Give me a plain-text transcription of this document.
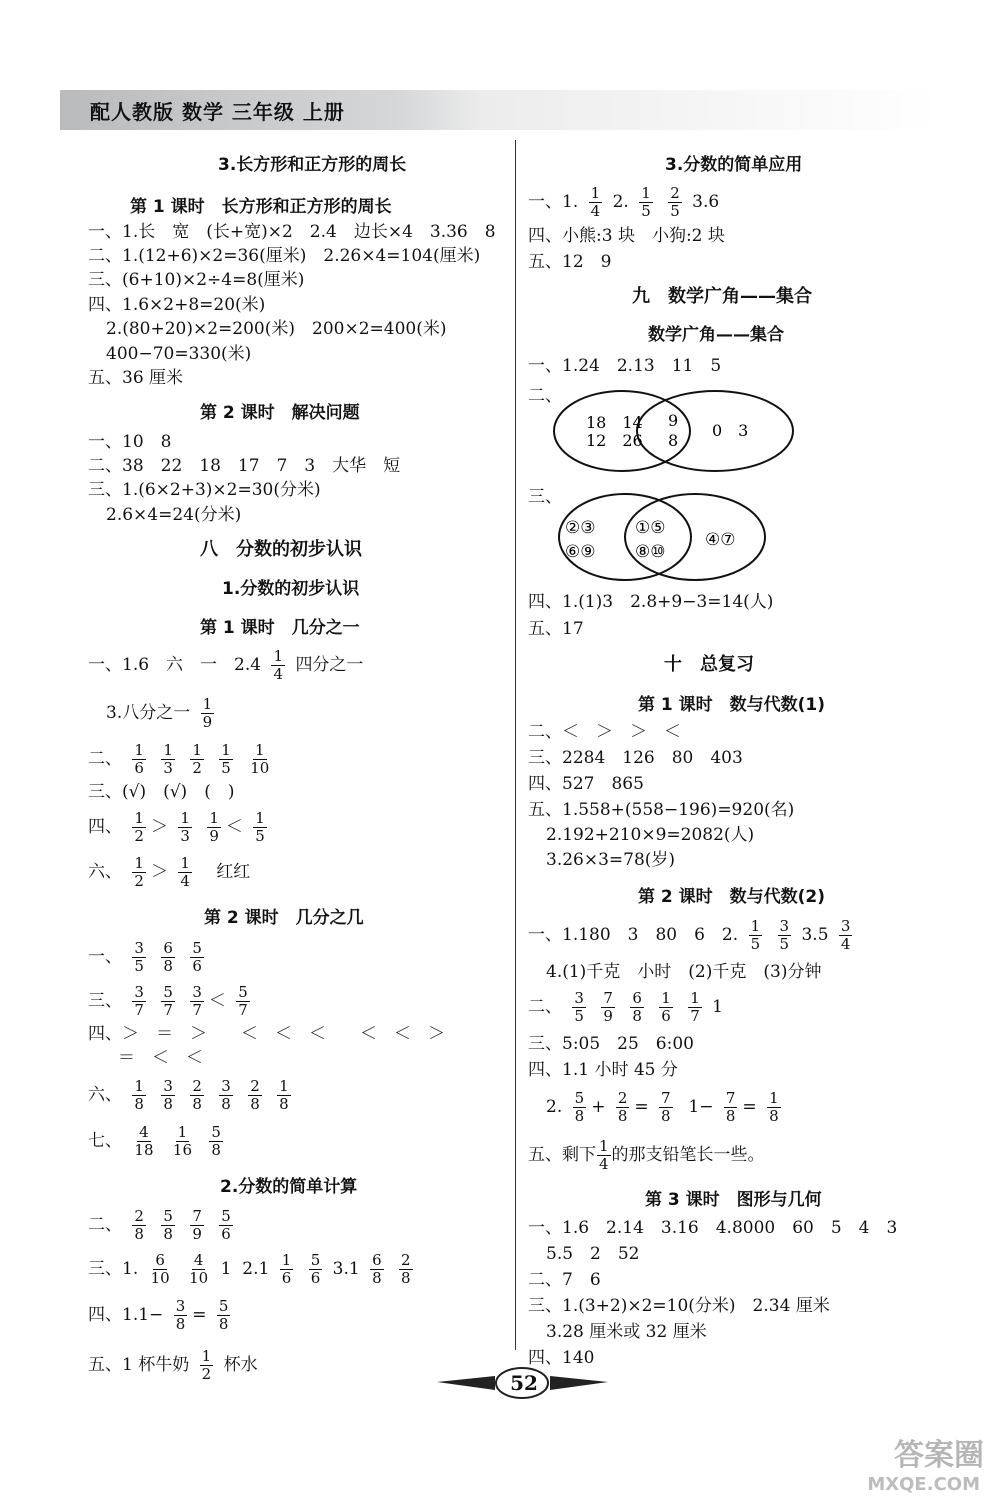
配人教版 数学 三年级 上册
3.长方形和正方形的周长
第 1 课时　长方形和正方形的周长
一、1.长　宽　(长+宽)×2　2.4　边长×4　3.36　8
二、1.(12+6)×2=36(厘米)　2.26×4=104(厘米)
三、(6+10)×2÷4=8(厘米)
四、1.6×2+8=20(米)
2.(80+20)×2=200(米)　200×2=400(米)
400−70=330(米)
五、36 厘米
第 2 课时　解决问题
一、10　8
二、38　22　18　17　7　3　大华　短
三、1.(6×2+3)×2=30(分米)
2.6×4=24(分米)
八　分数的初步认识
1.分数的初步认识
第 1 课时　几分之一
一、1.6　六　一　$2.4 \frac{1}{4}$ 四分之一
3.八分之一 $\frac{1}{9}$
二、 $\frac{1}{6}$
$\frac{1}{3}$
$\frac{1}{2}$
$\frac{1}{5}$
$\frac{1}{10}$
三、(√)　(√)　(　)
四、 $\frac{1}{2} > \frac{1}{3}$
$\frac{1}{9} < \frac{1}{5}$
六、 $\frac{1}{2} > \frac{1}{4}$ 红红
第 2 课时　几分之几
一、 $\frac{3}{5}$
$\frac{6}{8}$
$\frac{5}{6}$
三、 $\frac{3}{7}$
$\frac{5}{7}$
$\frac{3}{7} < \frac{5}{7}$
四、＞　＝　＞　　＜　＜　＜　　＜　＜　＞
＝　＜　＜
六、 $\frac{1}{8}$
$\frac{3}{8}$
$\frac{2}{8}$
$\frac{3}{8}$
$\frac{2}{8}$
$\frac{1}{8}$
七、 $\frac{4}{18}$
$\frac{1}{16}$
$\frac{5}{8}$
2.分数的简单计算
二、 $\frac{2}{8}$
$\frac{5}{8}$
$\frac{7}{9}$
$\frac{5}{6}$
三、1. $\frac{6}{10}$
$\frac{4}{10} 1$ $2.1 \frac{1}{6}$
$\frac{5}{6} 3.1 \frac{6}{8}$
$\frac{2}{8}$
四、$1.1- \frac{3}{8} = \frac{5}{8}$
五、1 杯牛奶 $\frac{1}{2}$ 杯水
3.分数的简单应用
一、1. $\frac{1}{4} 2$. $\frac{1}{5}$
$\frac{2}{5} 3.6$
四、小熊:3 块　小狗:2 块
五、12　9
九　数学广角——集合
数学广角——集合
一、1.24　2.13　11　5
二、
18　14
12　26
9
8
0　3
三、
②③
⑥⑨
①⑤
⑧⑩
④⑦
四、1.(1)3　2.8+9−3=14(人)
五、17
十　总复习
第 1 课时　数与代数(1)
二、＜　＞　＞　＜
三、2284　126　80　403
四、527　865
五、1.558+(558−196)=920(名)
2.192+210×9=2082(人)
3.26×3=78(岁)
第 2 课时　数与代数(2)
一、1.180　3　80　6　2. $\frac{1}{5}$
$\frac{3}{5} 3.5 \frac{3}{4}$
4.(1)千克　小时　(2)千克　(3)分钟
二、 $\frac{3}{5}$
$\frac{7}{9}$
$\frac{6}{8}$
$\frac{1}{6}$
$\frac{1}{7} 1$
三、5:05　25　6:00
四、1.1 小时 45 分
2. $\frac{5}{8} + \frac{2}{8} = \frac{7}{8} 1- \frac{7}{8} = \frac{1}{8}$
五、剩下 $\frac{1}{4}$ 的那支铅笔长一些。
第 3 课时　图形与几何
一、1.6　2.14　3.16　4.8000　60　5　4　3
5.5　2　52
二、7　6
三、1.(3+2)×2=10(分米)　2.34 厘米
3.28 厘米或 32 厘米
四、140
52
答案圈
MXQE.COM
